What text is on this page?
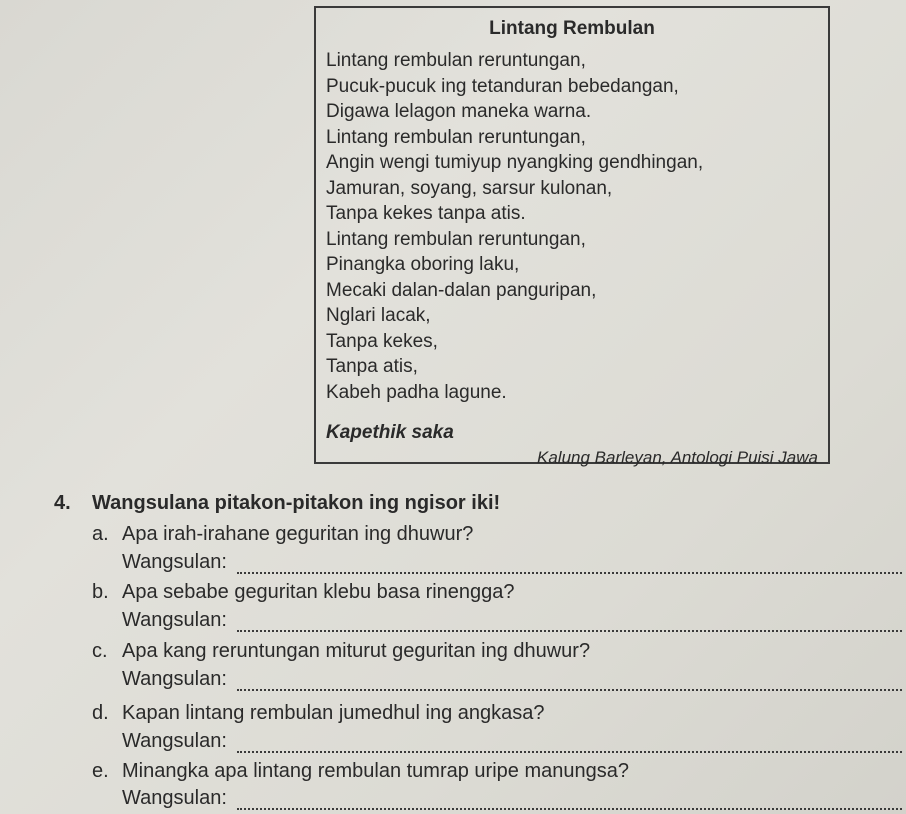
Lintang Rembulan
Lintang rembulan reruntungan,
Pucuk-pucuk ing tetanduran bebedangan,
Digawa lelagon maneka warna.
Lintang rembulan reruntungan,
Angin wengi tumiyup nyangking gendhingan,
Jamuran, soyang, sarsur kulonan,
Tanpa kekes tanpa atis.
Lintang rembulan reruntungan,
Pinangka oboring laku,
Mecaki dalan-dalan panguripan,
Nglari lacak,
Tanpa kekes,
Tanpa atis,
Kabeh padha lagune.
Kapethik saka
Kalung Barleyan, Antologi Puisi Jawa
4. Wangsulana pitakon-pitakon ing ngisor iki!
a. Apa irah-irahane geguritan ing dhuwur?
Wangsulan:
b. Apa sebabe geguritan klebu basa rinengga?
Wangsulan:
c. Apa kang reruntungan miturut geguritan ing dhuwur?
Wangsulan:
d. Kapan lintang rembulan jumedhul ing angkasa?
Wangsulan:
e. Minangka apa lintang rembulan tumrap uripe manungsa?
Wangsulan:
